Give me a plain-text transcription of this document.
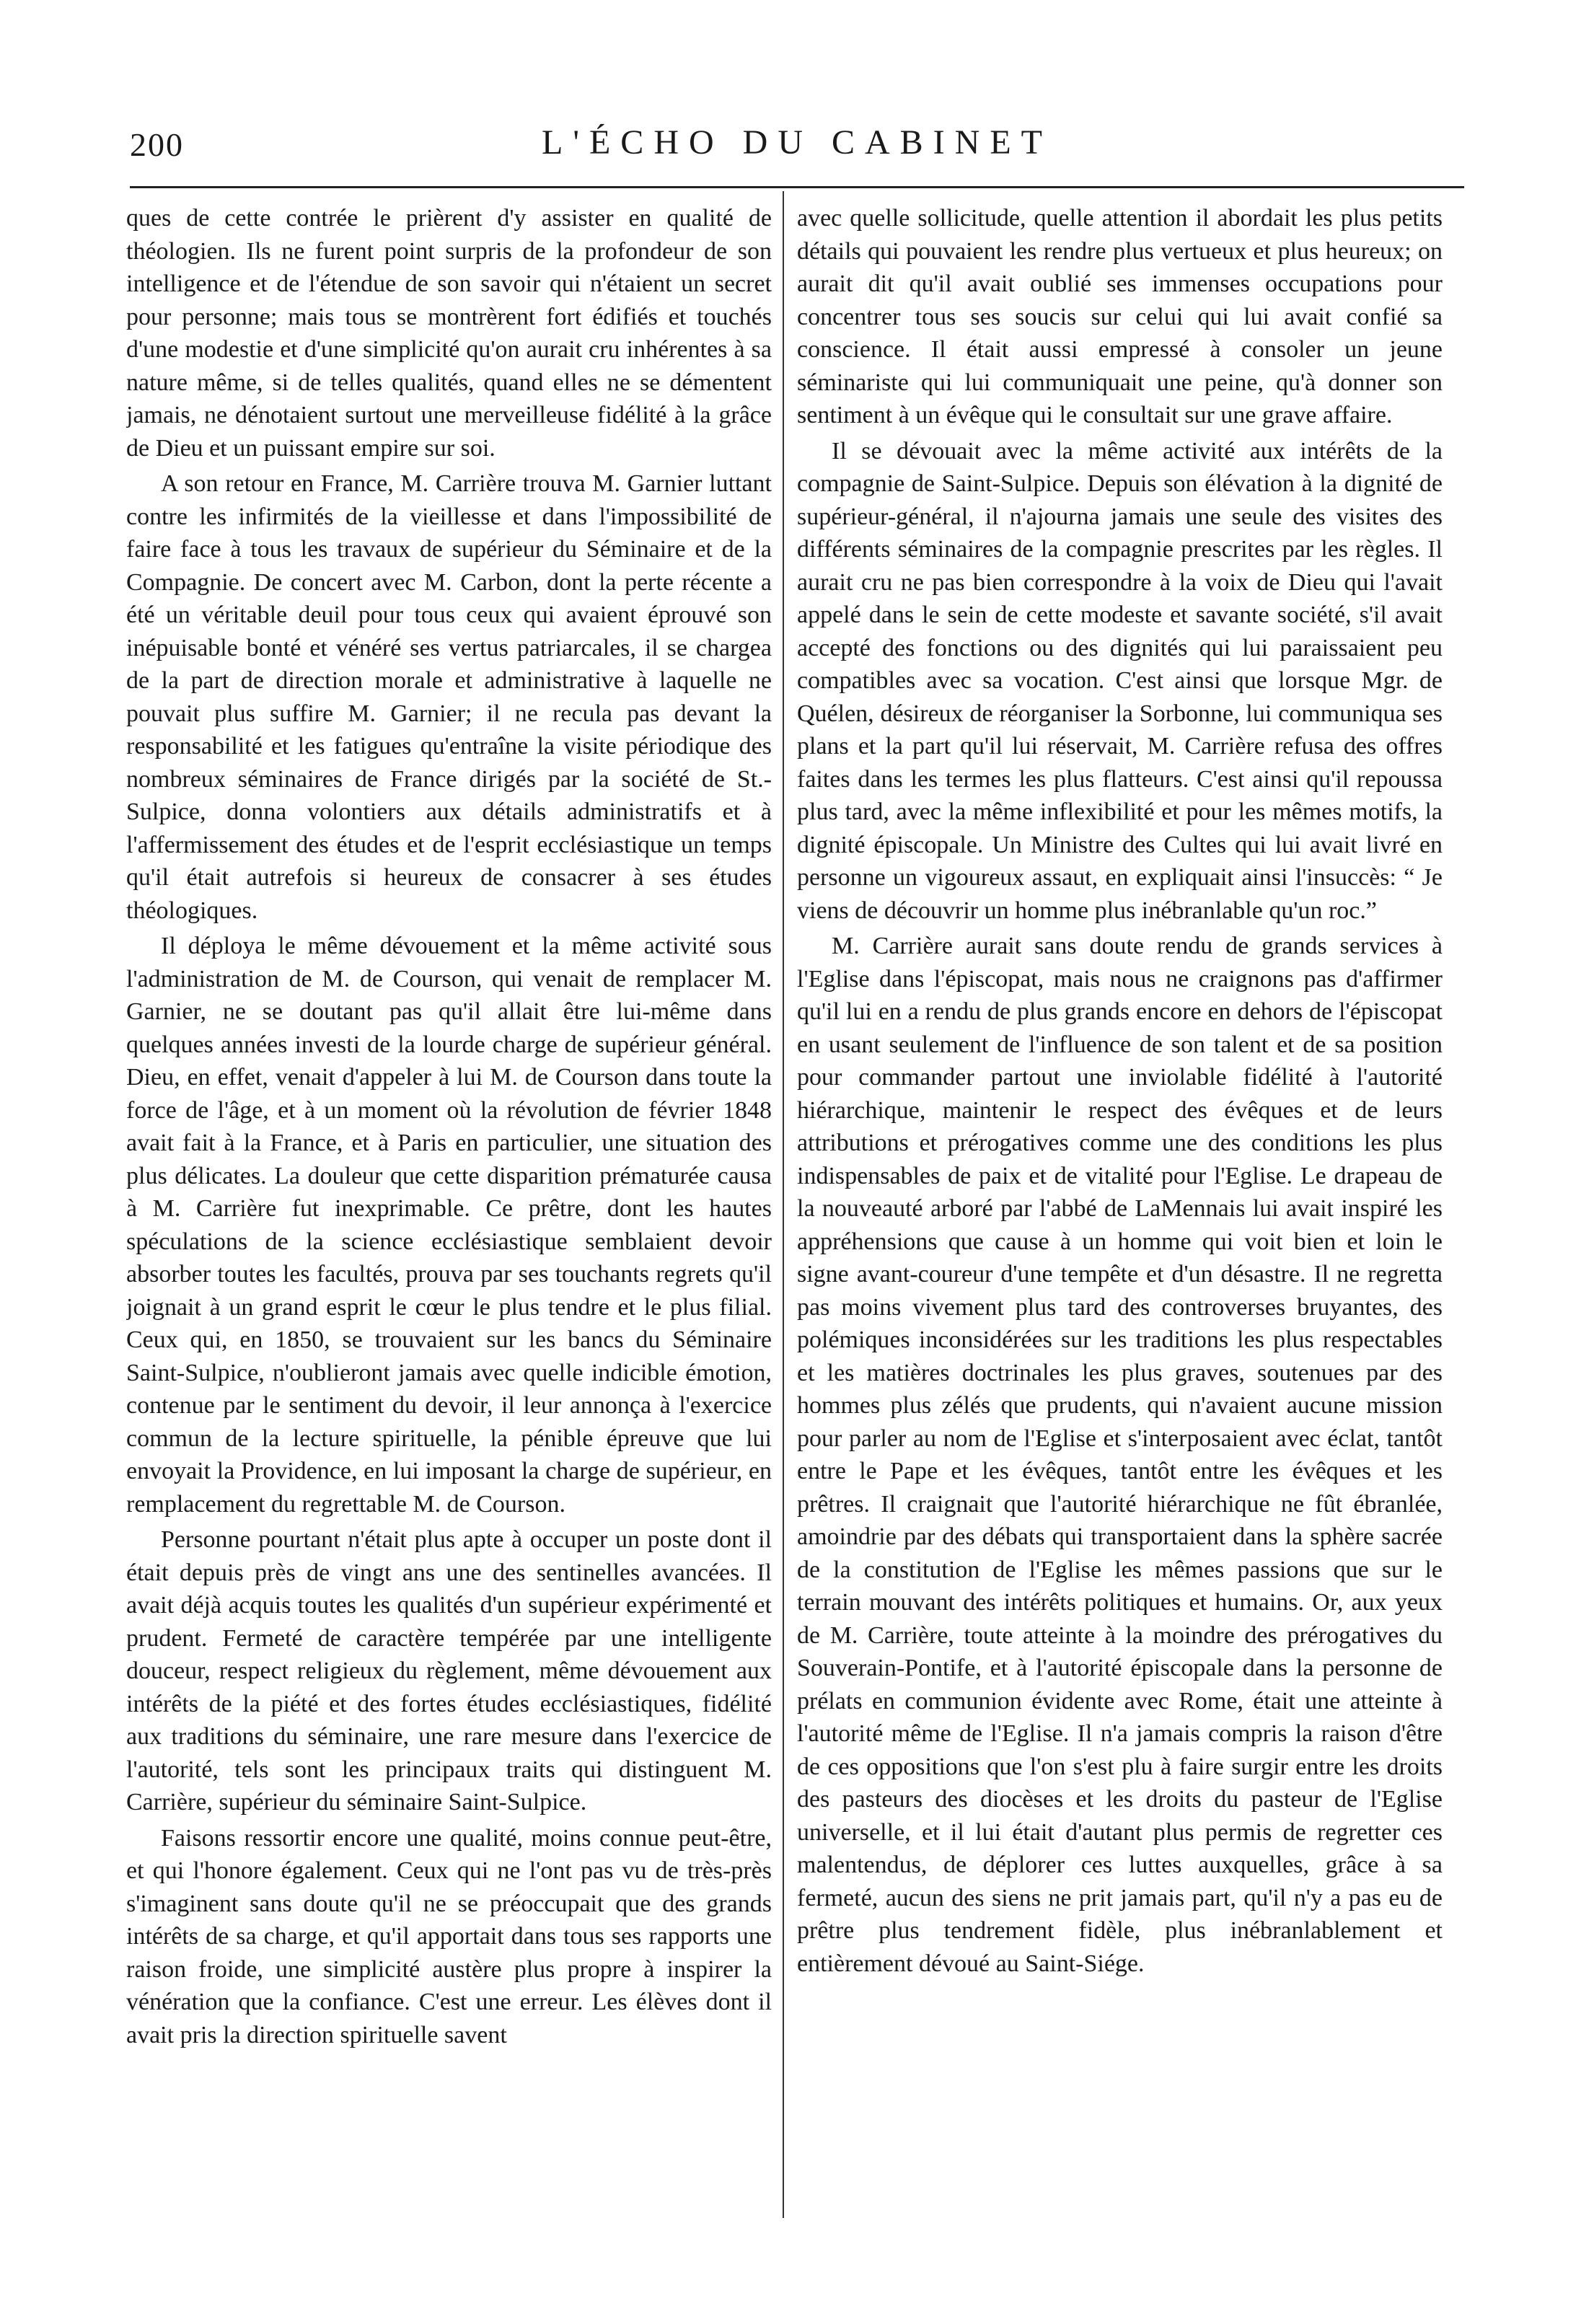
200	L'ÉCHO DU CABINET

ques de cette contrée le prièrent d'y assister en qualité de théologien. Ils ne furent point surpris de la profondeur de son intelligence et de l'étendue de son savoir qui n'étaient un secret pour personne; mais tous se montrèrent fort édifiés et touchés d'une modestie et d'une simplicité qu'on aurait cru inhérentes à sa nature même, si de telles qualités, quand elles ne se démentent jamais, ne dénotaient surtout une merveilleuse fidélité à la grâce de Dieu et un puissant empire sur soi.

A son retour en France, M. Carrière trouva M. Garnier luttant contre les infirmités de la vieillesse et dans l'impossibilité de faire face à tous les travaux de supérieur du Séminaire et de la Compagnie. De concert avec M. Carbon, dont la perte récente a été un véritable deuil pour tous ceux qui avaient éprouvé son inépuisable bonté et vénéré ses vertus patriarcales, il se chargea de la part de direction morale et administrative à laquelle ne pouvait plus suffire M. Garnier; il ne recula pas devant la responsabilité et les fatigues qu'entraîne la visite périodique des nombreux séminaires de France dirigés par la société de St.-Sulpice, donna volontiers aux détails administratifs et à l'affermissement des études et de l'esprit ecclésiastique un temps qu'il était autrefois si heureux de consacrer à ses études théologiques.

Il déploya le même dévouement et la même activité sous l'administration de M. de Courson, qui venait de remplacer M. Garnier, ne se doutant pas qu'il allait être lui-même dans quelques années investi de la lourde charge de supérieur général. Dieu, en effet, venait d'appeler à lui M. de Courson dans toute la force de l'âge, et à un moment où la révolution de février 1848 avait fait à la France, et à Paris en particulier, une situation des plus délicates. La douleur que cette disparition prématurée causa à M. Carrière fut inexprimable. Ce prêtre, dont les hautes spéculations de la science ecclésiastique semblaient devoir absorber toutes les facultés, prouva par ses touchants regrets qu'il joignait à un grand esprit le cœur le plus tendre et le plus filial. Ceux qui, en 1850, se trouvaient sur les bancs du Séminaire Saint-Sulpice, n'oublieront jamais avec quelle indicible émotion, contenue par le sentiment du devoir, il leur annonça à l'exercice commun de la lecture spirituelle, la pénible épreuve que lui envoyait la Providence, en lui imposant la charge de supérieur, en remplacement du regrettable M. de Courson.

Personne pourtant n'était plus apte à occuper un poste dont il était depuis près de vingt ans une des sentinelles avancées. Il avait déjà acquis toutes les qualités d'un supérieur expérimenté et prudent. Fermeté de caractère tempérée par une intelligente douceur, respect religieux du règlement, même dévouement aux intérêts de la piété et des fortes études ecclésiastiques, fidélité aux traditions du séminaire, une rare mesure dans l'exercice de l'autorité, tels sont les principaux traits qui distinguent M. Carrière, supérieur du séminaire Saint-Sulpice.

Faisons ressortir encore une qualité, moins connue peut-être, et qui l'honore également. Ceux qui ne l'ont pas vu de très-près s'imaginent sans doute qu'il ne se préoccupait que des grands intérêts de sa charge, et qu'il apportait dans tous ses rapports une raison froide, une simplicité austère plus propre à inspirer la vénération que la confiance. C'est une erreur. Les élèves dont il avait pris la direction spirituelle savent

avec quelle sollicitude, quelle attention il abordait les plus petits détails qui pouvaient les rendre plus vertueux et plus heureux; on aurait dit qu'il avait oublié ses immenses occupations pour concentrer tous ses soucis sur celui qui lui avait confié sa conscience. Il était aussi empressé à consoler un jeune séminariste qui lui communiquait une peine, qu'à donner son sentiment à un évêque qui le consultait sur une grave affaire.

Il se dévouait avec la même activité aux intérêts de la compagnie de Saint-Sulpice. Depuis son élévation à la dignité de supérieur-général, il n'ajourna jamais une seule des visites des différents séminaires de la compagnie prescrites par les règles. Il aurait cru ne pas bien correspondre à la voix de Dieu qui l'avait appelé dans le sein de cette modeste et savante société, s'il avait accepté des fonctions ou des dignités qui lui paraissaient peu compatibles avec sa vocation. C'est ainsi que lorsque Mgr. de Quélen, désireux de réorganiser la Sorbonne, lui communiqua ses plans et la part qu'il lui réservait, M. Carrière refusa des offres faites dans les termes les plus flatteurs. C'est ainsi qu'il repoussa plus tard, avec la même inflexibilité et pour les mêmes motifs, la dignité épiscopale. Un Ministre des Cultes qui lui avait livré en personne un vigoureux assaut, en expliquait ainsi l'insuccès: “ Je viens de découvrir un homme plus inébranlable qu'un roc.”

M. Carrière aurait sans doute rendu de grands services à l'Eglise dans l'épiscopat, mais nous ne craignons pas d'affirmer qu'il lui en a rendu de plus grands encore en dehors de l'épiscopat en usant seulement de l'influence de son talent et de sa position pour commander partout une inviolable fidélité à l'autorité hiérarchique, maintenir le respect des évêques et de leurs attributions et prérogatives comme une des conditions les plus indispensables de paix et de vitalité pour l'Eglise. Le drapeau de la nouveauté arboré par l'abbé de LaMennais lui avait inspiré les appréhensions que cause à un homme qui voit bien et loin le signe avant-coureur d'une tempête et d'un désastre. Il ne regretta pas moins vivement plus tard des controverses bruyantes, des polémiques inconsidérées sur les traditions les plus respectables et les matières doctrinales les plus graves, soutenues par des hommes plus zélés que prudents, qui n'avaient aucune mission pour parler au nom de l'Eglise et s'interposaient avec éclat, tantôt entre le Pape et les évêques, tantôt entre les évêques et les prêtres. Il craignait que l'autorité hiérarchique ne fût ébranlée, amoindrie par des débats qui transportaient dans la sphère sacrée de la constitution de l'Eglise les mêmes passions que sur le terrain mouvant des intérêts politiques et humains. Or, aux yeux de M. Carrière, toute atteinte à la moindre des prérogatives du Souverain-Pontife, et à l'autorité épiscopale dans la personne de prélats en communion évidente avec Rome, était une atteinte à l'autorité même de l'Eglise. Il n'a jamais compris la raison d'être de ces oppositions que l'on s'est plu à faire surgir entre les droits des pasteurs des diocèses et les droits du pasteur de l'Eglise universelle, et il lui était d'autant plus permis de regretter ces malentendus, de déplorer ces luttes auxquelles, grâce à sa fermeté, aucun des siens ne prit jamais part, qu'il n'y a pas eu de prêtre plus tendrement fidèle, plus inébranlablement et entièrement dévoué au Saint-Siége.
